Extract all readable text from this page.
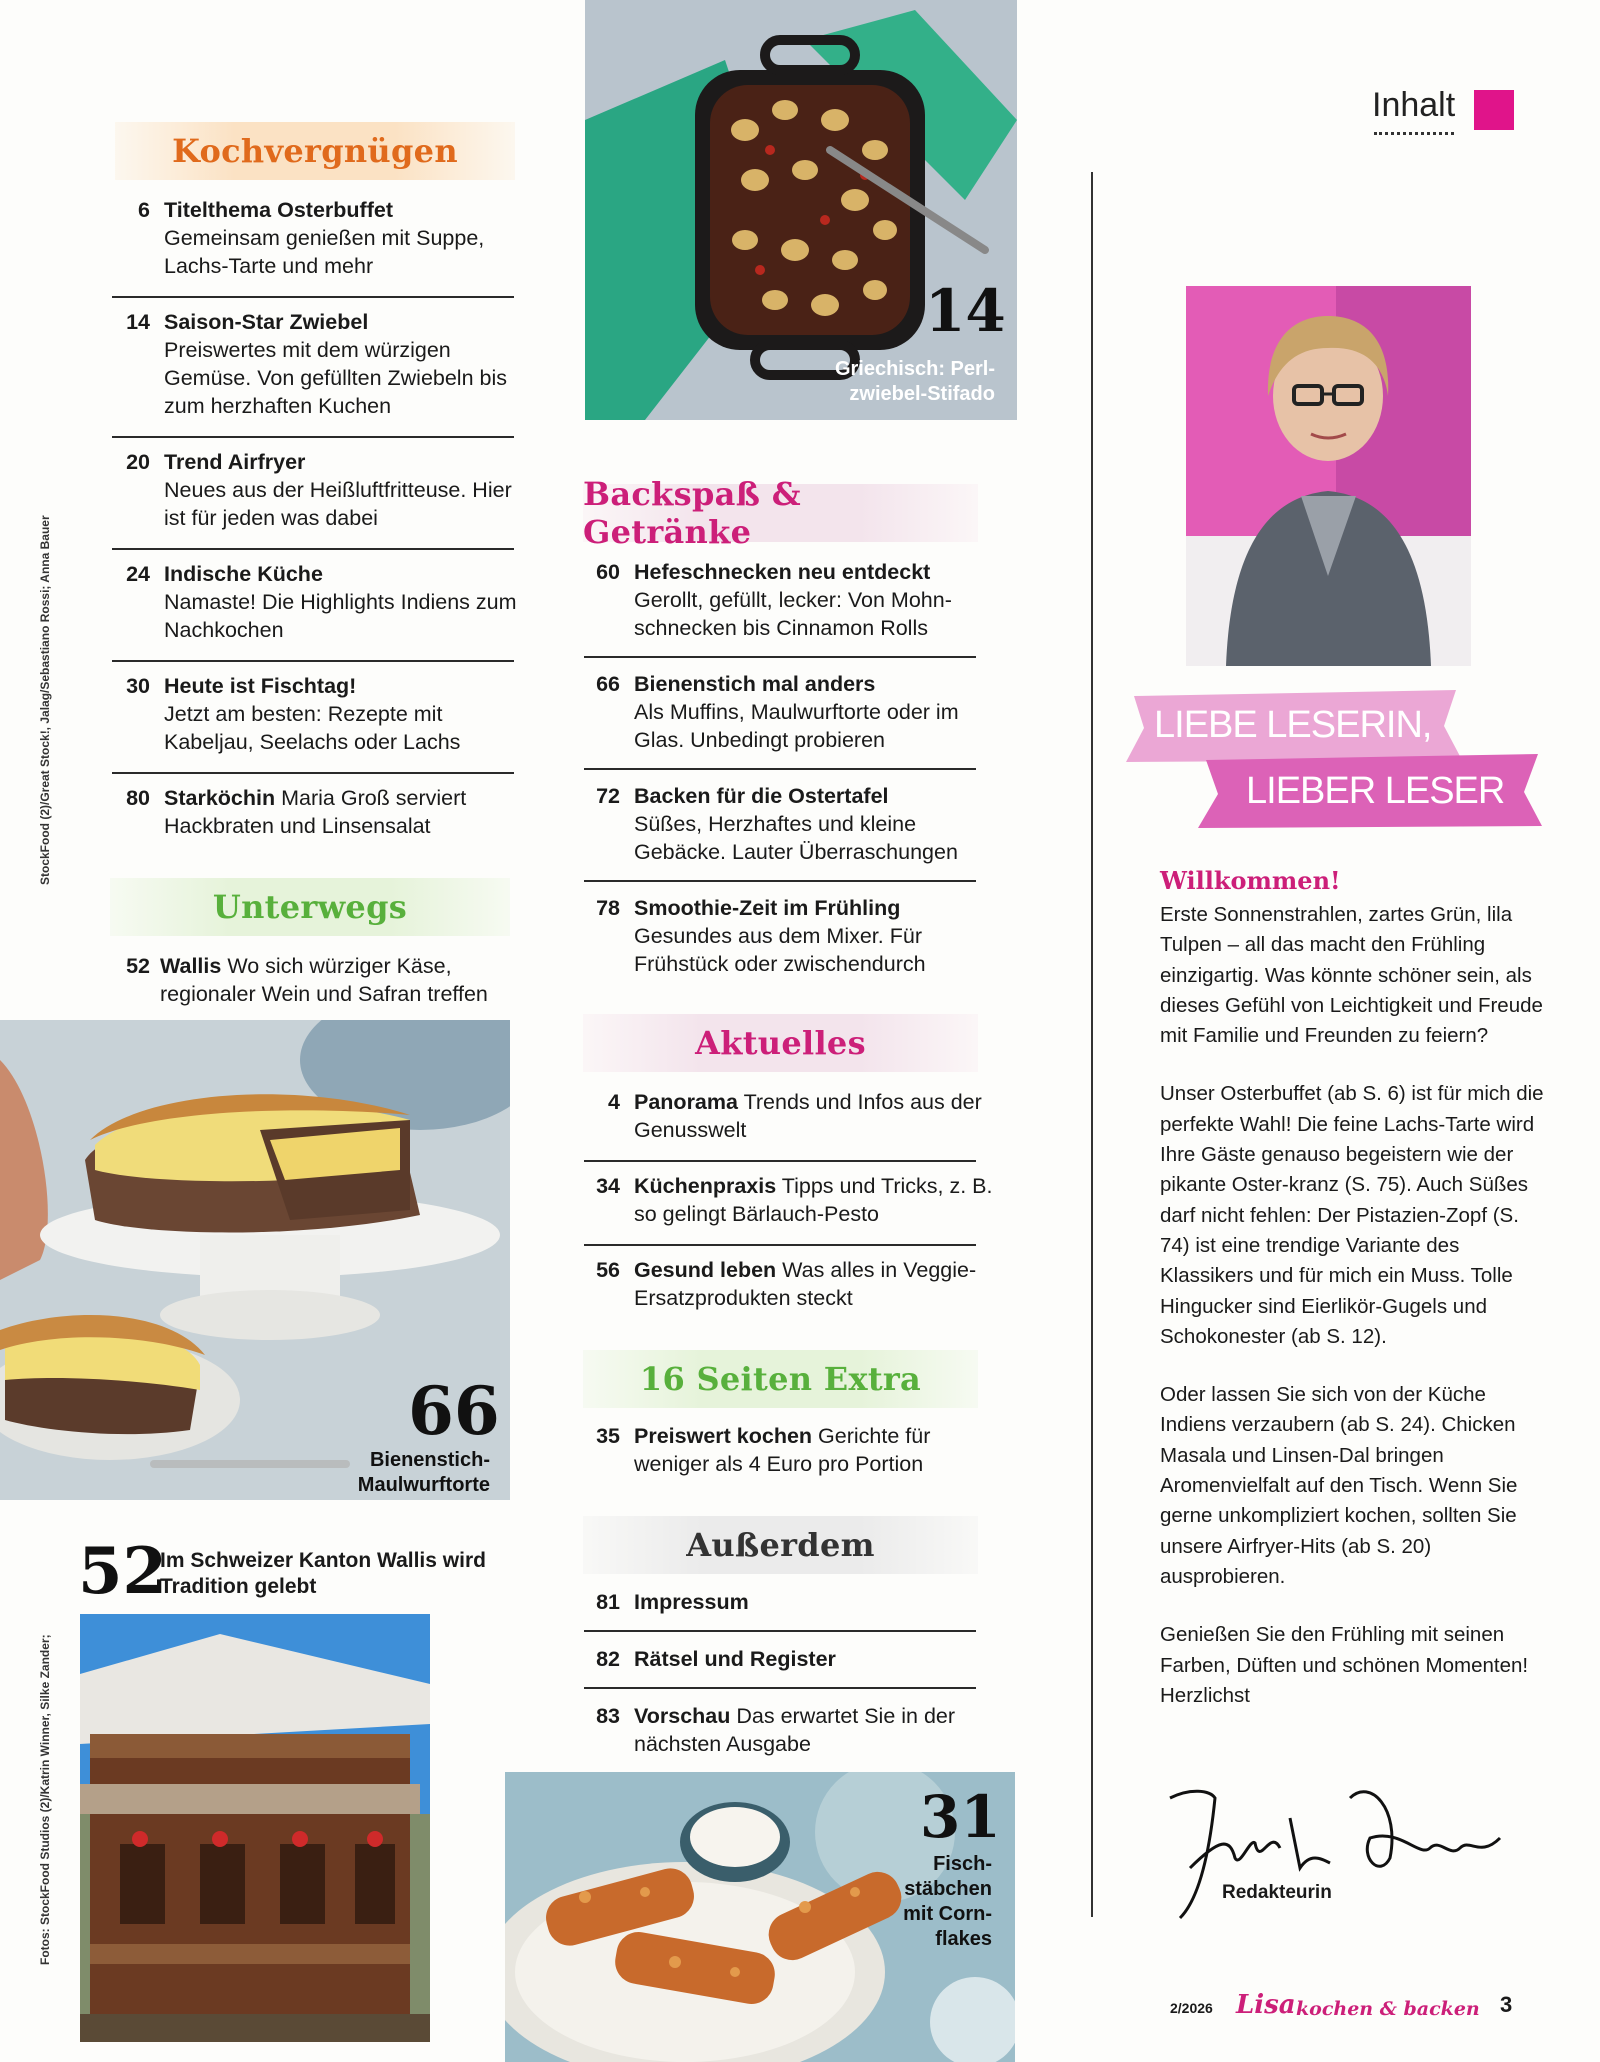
Inhalt
StockFood (2)/Great Stock!, Jalag/Sebastiano Rossi; Anna Bauer
Fotos: StockFood Studios (2)/Katrin Winner, Silke Zander;
Kochvergnügen
6 Titelthema Osterbuffet
Gemeinsam genießen mit Suppe, Lachs-Tarte und mehr
14 Saison-Star Zwiebel
Preiswertes mit dem würzigen Gemüse. Von gefüllten Zwiebeln bis zum herzhaften Kuchen
20 Trend Airfryer
Neues aus der Heißluftfritteuse. Hier ist für jeden was dabei
24 Indische Küche
Namaste! Die Highlights Indiens zum Nachkochen
30 Heute ist Fischtag!
Jetzt am besten: Rezepte mit Kabeljau, Seelachs oder Lachs
80 Starköchin Maria Groß serviert Hackbraten und Linsensalat
Unterwegs
52 Wallis Wo sich würziger Käse, regionaler Wein und Safran treffen
66
Bienenstich-Maulwurftorte
52
Im Schweizer Kanton Wallis wird Tradition gelebt
14
Griechisch: Perl-zwiebel-Stifado
Backspaß & Getränke
60 Hefeschnecken neu entdeckt
Gerollt, gefüllt, lecker: Von Mohn-schnecken bis Cinnamon Rolls
66 Bienenstich mal anders
Als Muffins, Maulwurftorte oder im Glas. Unbedingt probieren
72 Backen für die Ostertafel
Süßes, Herzhaftes und kleine Gebäcke. Lauter Überraschungen
78 Smoothie-Zeit im Frühling
Gesundes aus dem Mixer. Für Frühstück oder zwischendurch
Aktuelles
4 Panorama Trends und Infos aus der Genusswelt
34 Küchenpraxis Tipps und Tricks, z. B. so gelingt Bärlauch-Pesto
56 Gesund leben Was alles in Veggie-Ersatzprodukten steckt
16 Seiten Extra
35 Preiswert kochen Gerichte für weniger als 4 Euro pro Portion
Außerdem
81 Impressum
82 Rätsel und Register
83 Vorschau Das erwartet Sie in der nächsten Ausgabe
31
Fisch-stäbchen mit Corn-flakes
LIEBE LESERIN,
LIEBER LESER
Willkommen!

Erste Sonnenstrahlen, zartes Grün, lila Tulpen – all das macht den Frühling einzigartig. Was könnte schöner sein, als dieses Gefühl von Leichtigkeit und Freude mit Familie und Freunden zu feiern?

Unser Osterbuffet (ab S. 6) ist für mich die perfekte Wahl! Die feine Lachs-Tarte wird Ihre Gäste genauso begeistern wie der pikante Oster-kranz (S. 75). Auch Süßes darf nicht fehlen: Der Pistazien-Zopf (S. 74) ist eine trendige Variante des Klassikers und für mich ein Muss. Tolle Hingucker sind Eierlikör-Gugels und Schokonester (ab S. 12).

Oder lassen Sie sich von der Küche Indiens verzaubern (ab S. 24). Chicken Masala und Linsen-Dal bringen Aromenvielfalt auf den Tisch. Wenn Sie gerne unkompliziert kochen, sollten Sie unsere Airfryer-Hits (ab S. 20) ausprobieren.

Genießen Sie den Frühling mit seinen Farben, Düften und schönen Momenten! Herzlichst

Redakteurin
2/2026 Lisa kochen & backen 3
